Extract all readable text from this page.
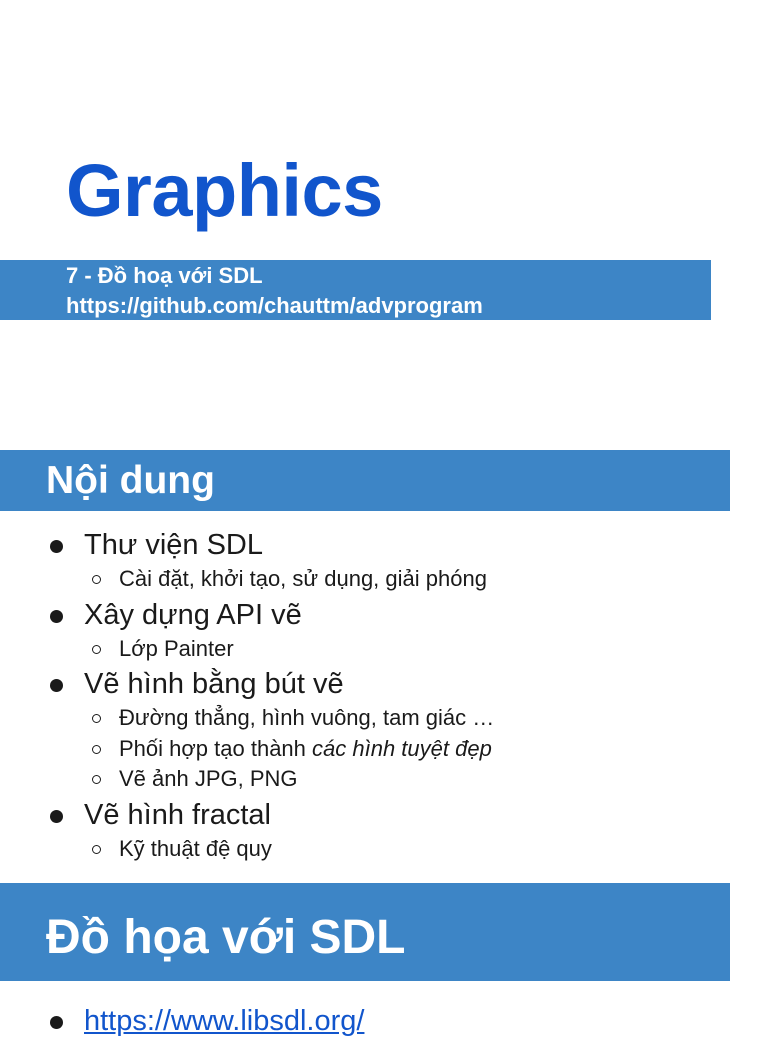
Graphics

7 - Đồ hoạ với SDL

https://github.com/chauttm/advprogram

Nội dung
Thư viện SDL
Cài đặt, khởi tạo, sử dụng, giải phóng
Xây dựng API vẽ
Lớp Painter
Vẽ hình bằng bút vẽ
Đường thẳng, hình vuông, tam giác …
Phối hợp tạo thành các hình tuyệt đẹp
Vẽ ảnh JPG, PNG
Vẽ hình fractal
Kỹ thuật đệ quy
Đồ họa với SDL
https://www.libsdl.org/
